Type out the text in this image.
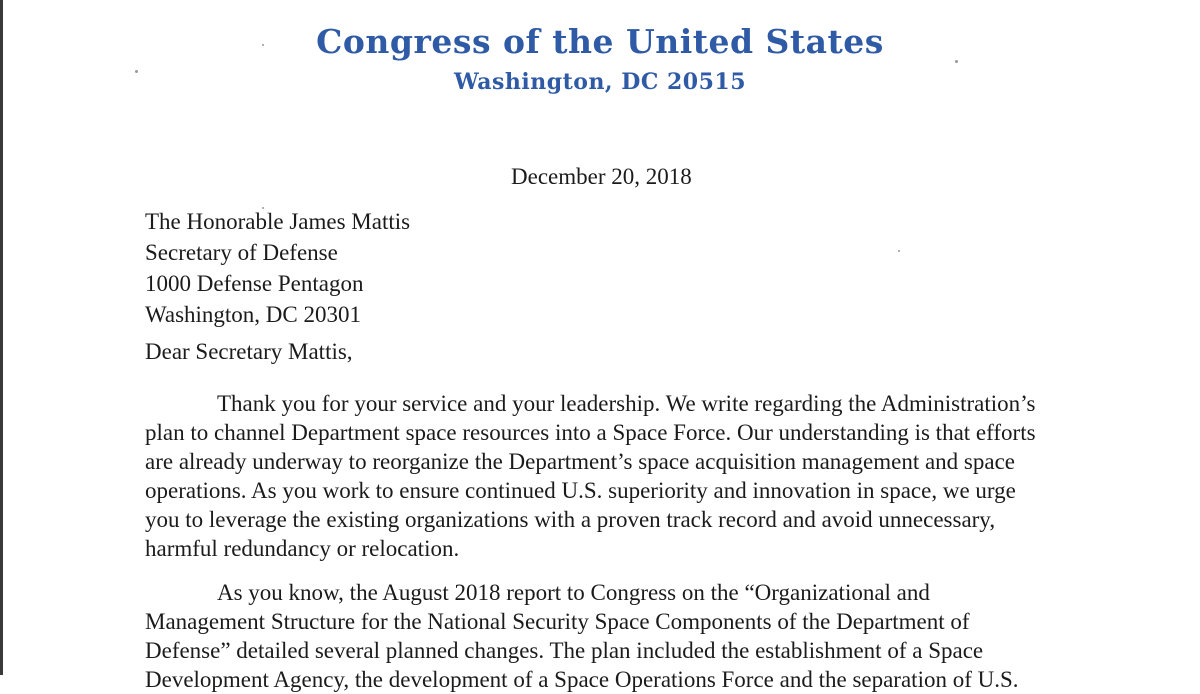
Congress of the United States
Washington, DC 20515
December 20, 2018
The Honorable James Mattis
Secretary of Defense
1000 Defense Pentagon
Washington, DC 20301
Dear Secretary Mattis,
Thank you for your service and your leadership. We write regarding the Administration’s
plan to channel Department space resources into a Space Force. Our understanding is that efforts
are already underway to reorganize the Department’s space acquisition management and space
operations. As you work to ensure continued U.S. superiority and innovation in space, we urge
you to leverage the existing organizations with a proven track record and avoid unnecessary,
harmful redundancy or relocation.
As you know, the August 2018 report to Congress on the “Organizational and
Management Structure for the National Security Space Components of the Department of
Defense” detailed several planned changes. The plan included the establishment of a Space
Development Agency, the development of a Space Operations Force and the separation of U.S.
